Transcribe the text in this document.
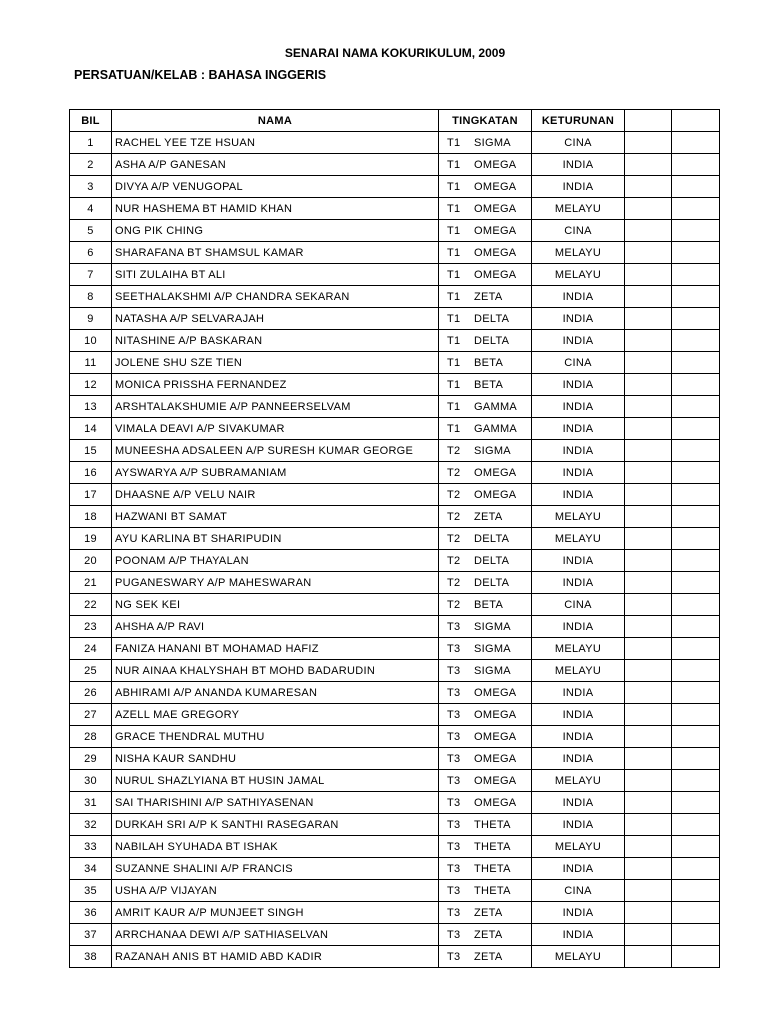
SENARAI NAMA KOKURIKULUM, 2009
PERSATUAN/KELAB : BAHASA INGGERIS
BIL	NAMA	TINGKATAN	KETURUNAN		
1	RACHEL YEE TZE HSUAN	T1 SIGMA	CINA		
2	ASHA A/P GANESAN	T1 OMEGA	INDIA		
3	DIVYA A/P VENUGOPAL	T1 OMEGA	INDIA		
4	NUR HASHEMA BT HAMID KHAN	T1 OMEGA	MELAYU		
5	ONG PIK CHING	T1 OMEGA	CINA		
6	SHARAFANA BT SHAMSUL KAMAR	T1 OMEGA	MELAYU		
7	SITI ZULAIHA BT ALI	T1 OMEGA	MELAYU		
8	SEETHALAKSHMI A/P CHANDRA SEKARAN	T1 ZETA	INDIA		
9	NATASHA A/P SELVARAJAH	T1 DELTA	INDIA		
10	NITASHINE A/P BASKARAN	T1 DELTA	INDIA		
11	JOLENE SHU SZE TIEN	T1 BETA	CINA		
12	MONICA PRISSHA FERNANDEZ	T1 BETA	INDIA		
13	ARSHTALAKSHUMIE A/P PANNEERSELVAM	T1 GAMMA	INDIA		
14	VIMALA DEAVI A/P SIVAKUMAR	T1 GAMMA	INDIA		
15	MUNEESHA ADSALEEN A/P SURESH KUMAR GEORGE	T2 SIGMA	INDIA		
16	AYSWARYA A/P SUBRAMANIAM	T2 OMEGA	INDIA		
17	DHAASNE A/P VELU NAIR	T2 OMEGA	INDIA		
18	HAZWANI BT SAMAT	T2 ZETA	MELAYU		
19	AYU KARLINA BT SHARIPUDIN	T2 DELTA	MELAYU		
20	POONAM A/P THAYALAN	T2 DELTA	INDIA		
21	PUGANESWARY A/P MAHESWARAN	T2 DELTA	INDIA		
22	NG SEK KEI	T2 BETA	CINA		
23	AHSHA A/P RAVI	T3 SIGMA	INDIA		
24	FANIZA HANANI BT MOHAMAD HAFIZ	T3 SIGMA	MELAYU		
25	NUR AINAA KHALYSHAH BT MOHD BADARUDIN	T3 SIGMA	MELAYU		
26	ABHIRAMI A/P ANANDA KUMARESAN	T3 OMEGA	INDIA		
27	AZELL MAE GREGORY	T3 OMEGA	INDIA		
28	GRACE THENDRAL MUTHU	T3 OMEGA	INDIA		
29	NISHA KAUR SANDHU	T3 OMEGA	INDIA		
30	NURUL SHAZLYIANA BT HUSIN JAMAL	T3 OMEGA	MELAYU		
31	SAI THARISHINI A/P SATHIYASENAN	T3 OMEGA	INDIA		
32	DURKAH SRI A/P K SANTHI RASEGARAN	T3 THETA	INDIA		
33	NABILAH SYUHADA BT ISHAK	T3 THETA	MELAYU		
34	SUZANNE SHALINI A/P FRANCIS	T3 THETA	INDIA		
35	USHA A/P VIJAYAN	T3 THETA	CINA		
36	AMRIT KAUR A/P MUNJEET SINGH	T3 ZETA	INDIA		
37	ARRCHANAA DEWI A/P SATHIASELVAN	T3 ZETA	INDIA		
38	RAZANAH ANIS BT HAMID ABD KADIR	T3 ZETA	MELAYU		
